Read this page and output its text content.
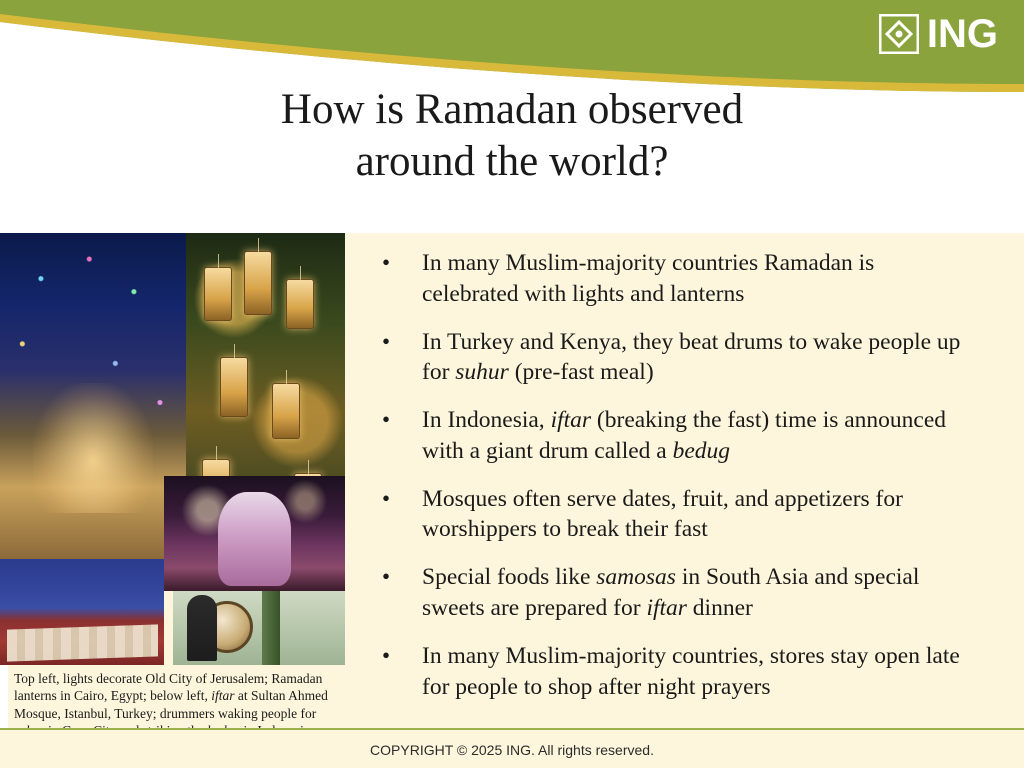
ING
How is Ramadan observed
around the world?
Top left, lights decorate Old City of Jerusalem; Ramadan lanterns in Cairo, Egypt; below left, iftar at Sultan Ahmed Mosque, Istanbul, Turkey; drummers waking people for
•	In many Muslim-majority countries Ramadan is celebrated with lights and lanterns
•	In Turkey and Kenya, they beat drums to wake people up for suhur (pre-fast meal)
•	In Indonesia, iftar (breaking the fast) time is announced with a giant drum called a bedug
•	Mosques often serve dates, fruit, and appetizers for worshippers to break their fast
•	Special foods like samosas in South Asia and special sweets are prepared for iftar dinner
•	In many Muslim-majority countries, stores stay open late for people to shop after night prayers
COPYRIGHT © 2025 ING. All rights reserved.
